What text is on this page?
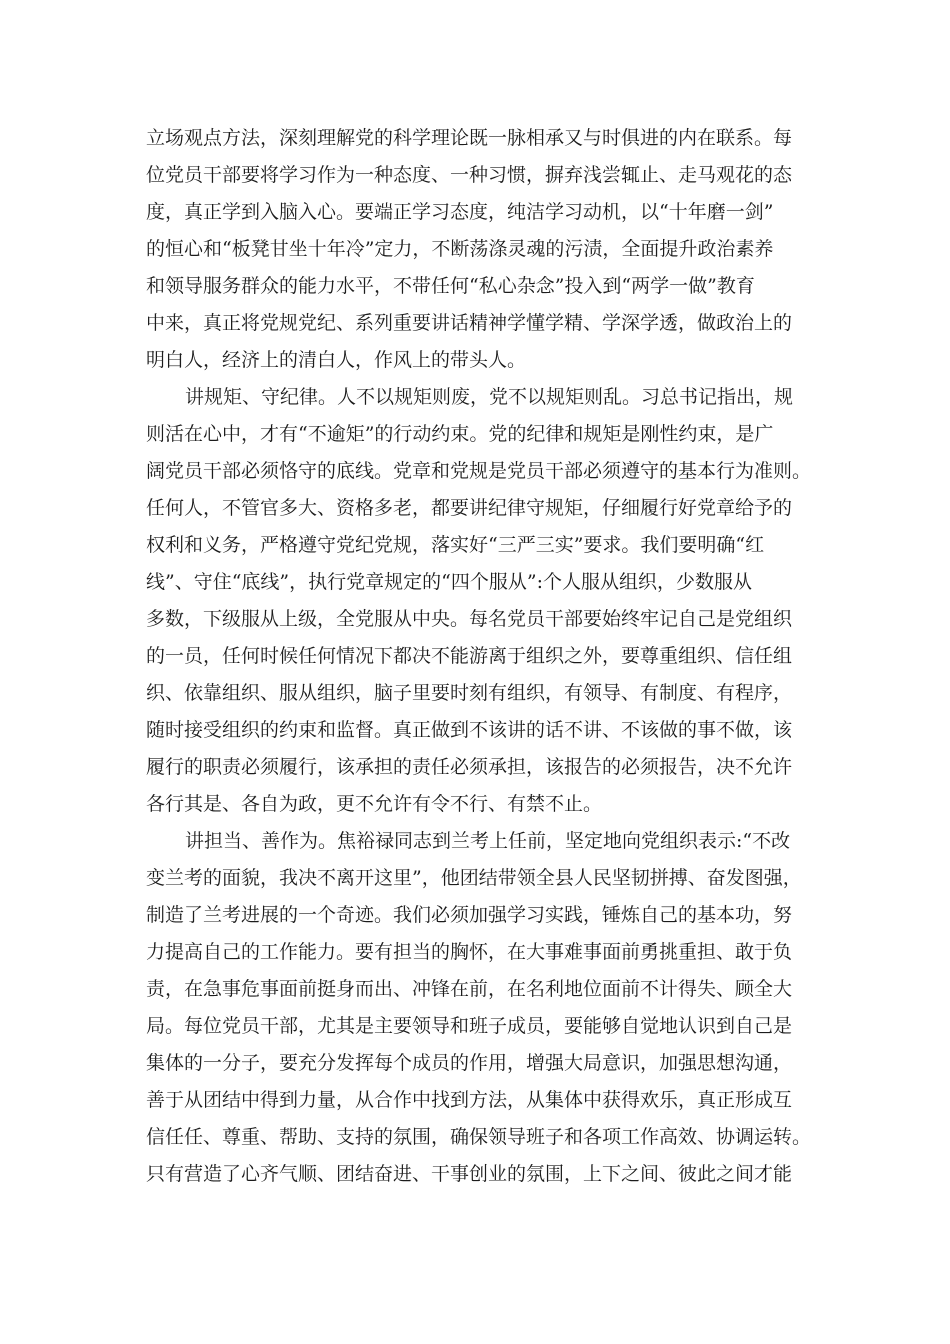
立场观点方法，深刻理解党的科学理论既一脉相承又与时俱进的内在联系。每
位党员干部要将学习作为一种态度、一种习惯，摒弃浅尝辄止、走马观花的态
度，真正学到入脑入心。要端正学习态度，纯洁学习动机，以“十年磨一剑”
的恒心和“板凳甘坐十年冷”定力，不断荡涤灵魂的污渍，全面提升政治素养
和领导服务群众的能力水平，不带任何“私心杂念”投入到“两学一做”教育
中来，真正将党规党纪、系列重要讲话精神学懂学精、学深学透，做政治上的
明白人，经济上的清白人，作风上的带头人。
讲规矩、守纪律。人不以规矩则废，党不以规矩则乱。习总书记指出，规
则活在心中，才有“不逾矩”的行动约束。党的纪律和规矩是刚性约束，是广
阔党员干部必须恪守的底线。党章和党规是党员干部必须遵守的基本行为准则。
任何人，不管官多大、资格多老，都要讲纪律守规矩，仔细履行好党章给予的
权利和义务，严格遵守党纪党规，落实好“三严三实”要求。我们要明确“红
线”、守住“底线”，执行党章规定的“四个服从”:个人服从组织，少数服从
多数，下级服从上级，全党服从中央。每名党员干部要始终牢记自己是党组织
的一员，任何时候任何情况下都决不能游离于组织之外，要尊重组织、信任组
织、依靠组织、服从组织，脑子里要时刻有组织，有领导、有制度、有程序，
随时接受组织的约束和监督。真正做到不该讲的话不讲、不该做的事不做，该
履行的职责必须履行，该承担的责任必须承担，该报告的必须报告，决不允许
各行其是、各自为政，更不允许有令不行、有禁不止。
讲担当、善作为。焦裕禄同志到兰考上任前，坚定地向党组织表示:“不改
变兰考的面貌，我决不离开这里”，他团结带领全县人民坚韧拼搏、奋发图强，
制造了兰考进展的一个奇迹。我们必须加强学习实践，锤炼自己的基本功，努
力提高自己的工作能力。要有担当的胸怀，在大事难事面前勇挑重担、敢于负
责，在急事危事面前挺身而出、冲锋在前，在名利地位面前不计得失、顾全大
局。每位党员干部，尤其是主要领导和班子成员，要能够自觉地认识到自己是
集体的一分子，要充分发挥每个成员的作用，增强大局意识，加强思想沟通，
善于从团结中得到力量，从合作中找到方法，从集体中获得欢乐，真正形成互
信任任、尊重、帮助、支持的氛围，确保领导班子和各项工作高效、协调运转。
只有营造了心齐气顺、团结奋进、干事创业的氛围，上下之间、彼此之间才能
